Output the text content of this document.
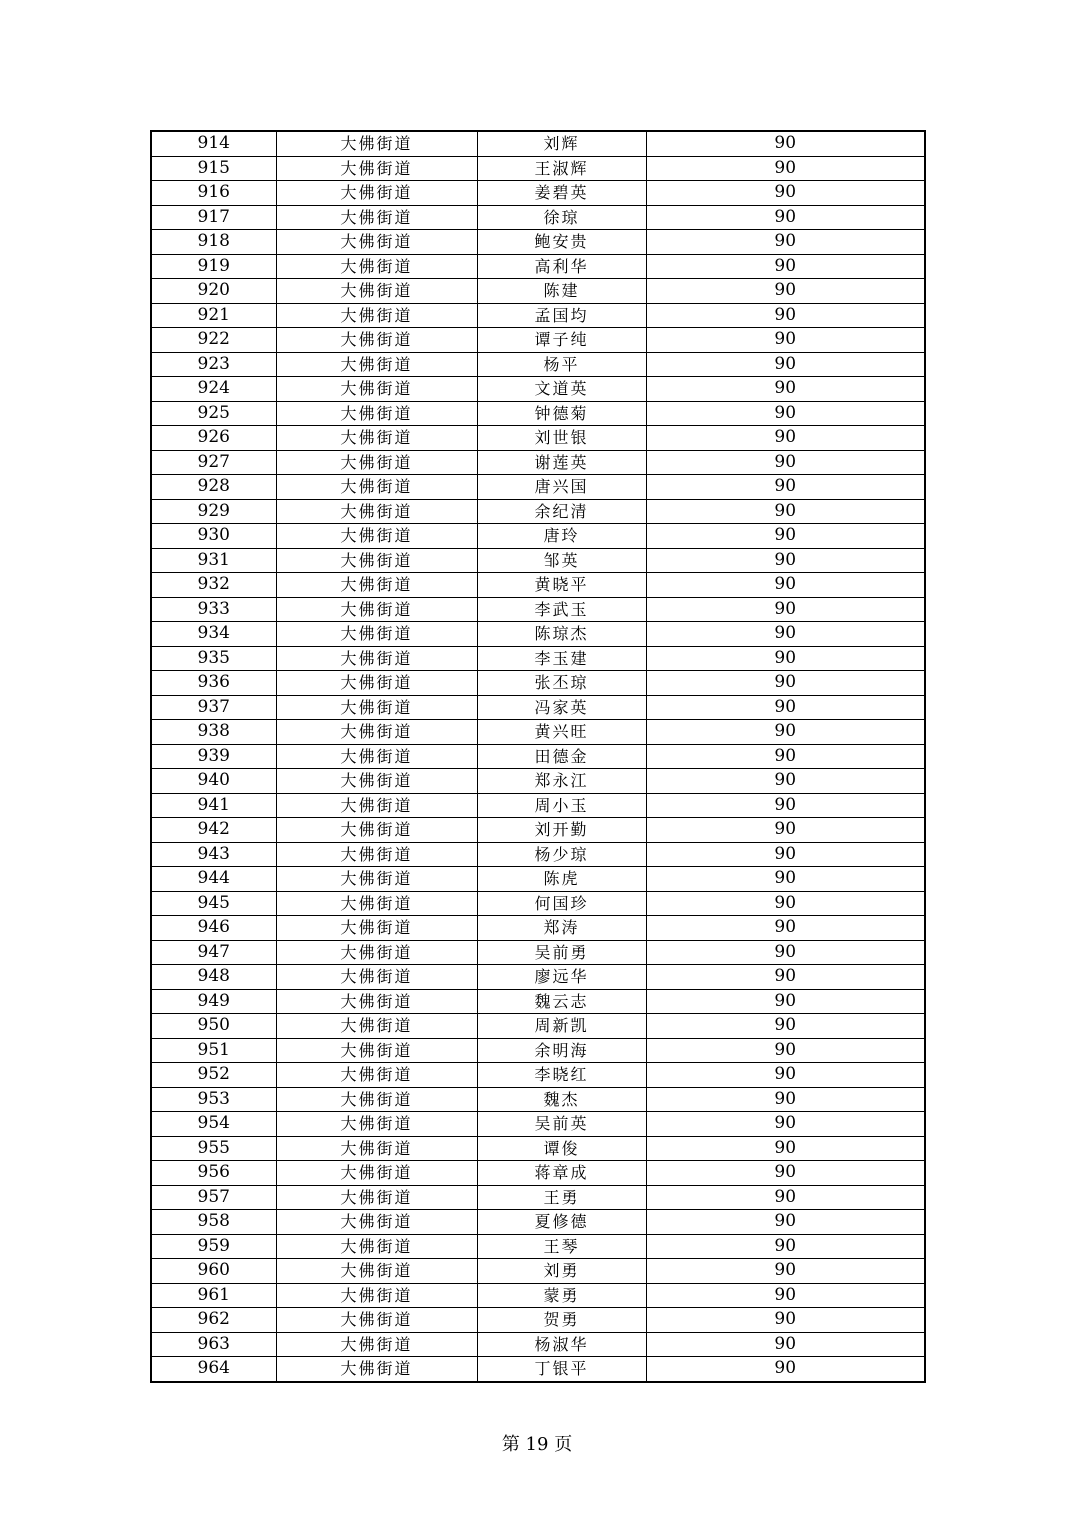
914	大佛街道	刘辉	90
915	大佛街道	王淑辉	90
916	大佛街道	姜碧英	90
917	大佛街道	徐琼	90
918	大佛街道	鲍安贵	90
919	大佛街道	高利华	90
920	大佛街道	陈建	90
921	大佛街道	孟国均	90
922	大佛街道	谭子纯	90
923	大佛街道	杨平	90
924	大佛街道	文道英	90
925	大佛街道	钟德菊	90
926	大佛街道	刘世银	90
927	大佛街道	谢莲英	90
928	大佛街道	唐兴国	90
929	大佛街道	余纪清	90
930	大佛街道	唐玲	90
931	大佛街道	邹英	90
932	大佛街道	黄晓平	90
933	大佛街道	李武玉	90
934	大佛街道	陈琼杰	90
935	大佛街道	李玉建	90
936	大佛街道	张丕琼	90
937	大佛街道	冯家英	90
938	大佛街道	黄兴旺	90
939	大佛街道	田德金	90
940	大佛街道	郑永江	90
941	大佛街道	周小玉	90
942	大佛街道	刘开勤	90
943	大佛街道	杨少琼	90
944	大佛街道	陈虎	90
945	大佛街道	何国珍	90
946	大佛街道	郑涛	90
947	大佛街道	吴前勇	90
948	大佛街道	廖远华	90
949	大佛街道	魏云志	90
950	大佛街道	周新凯	90
951	大佛街道	余明海	90
952	大佛街道	李晓红	90
953	大佛街道	魏杰	90
954	大佛街道	吴前英	90
955	大佛街道	谭俊	90
956	大佛街道	蒋章成	90
957	大佛街道	王勇	90
958	大佛街道	夏修德	90
959	大佛街道	王琴	90
960	大佛街道	刘勇	90
961	大佛街道	蒙勇	90
962	大佛街道	贺勇	90
963	大佛街道	杨淑华	90
964	大佛街道	丁银平	90
第 19 页
